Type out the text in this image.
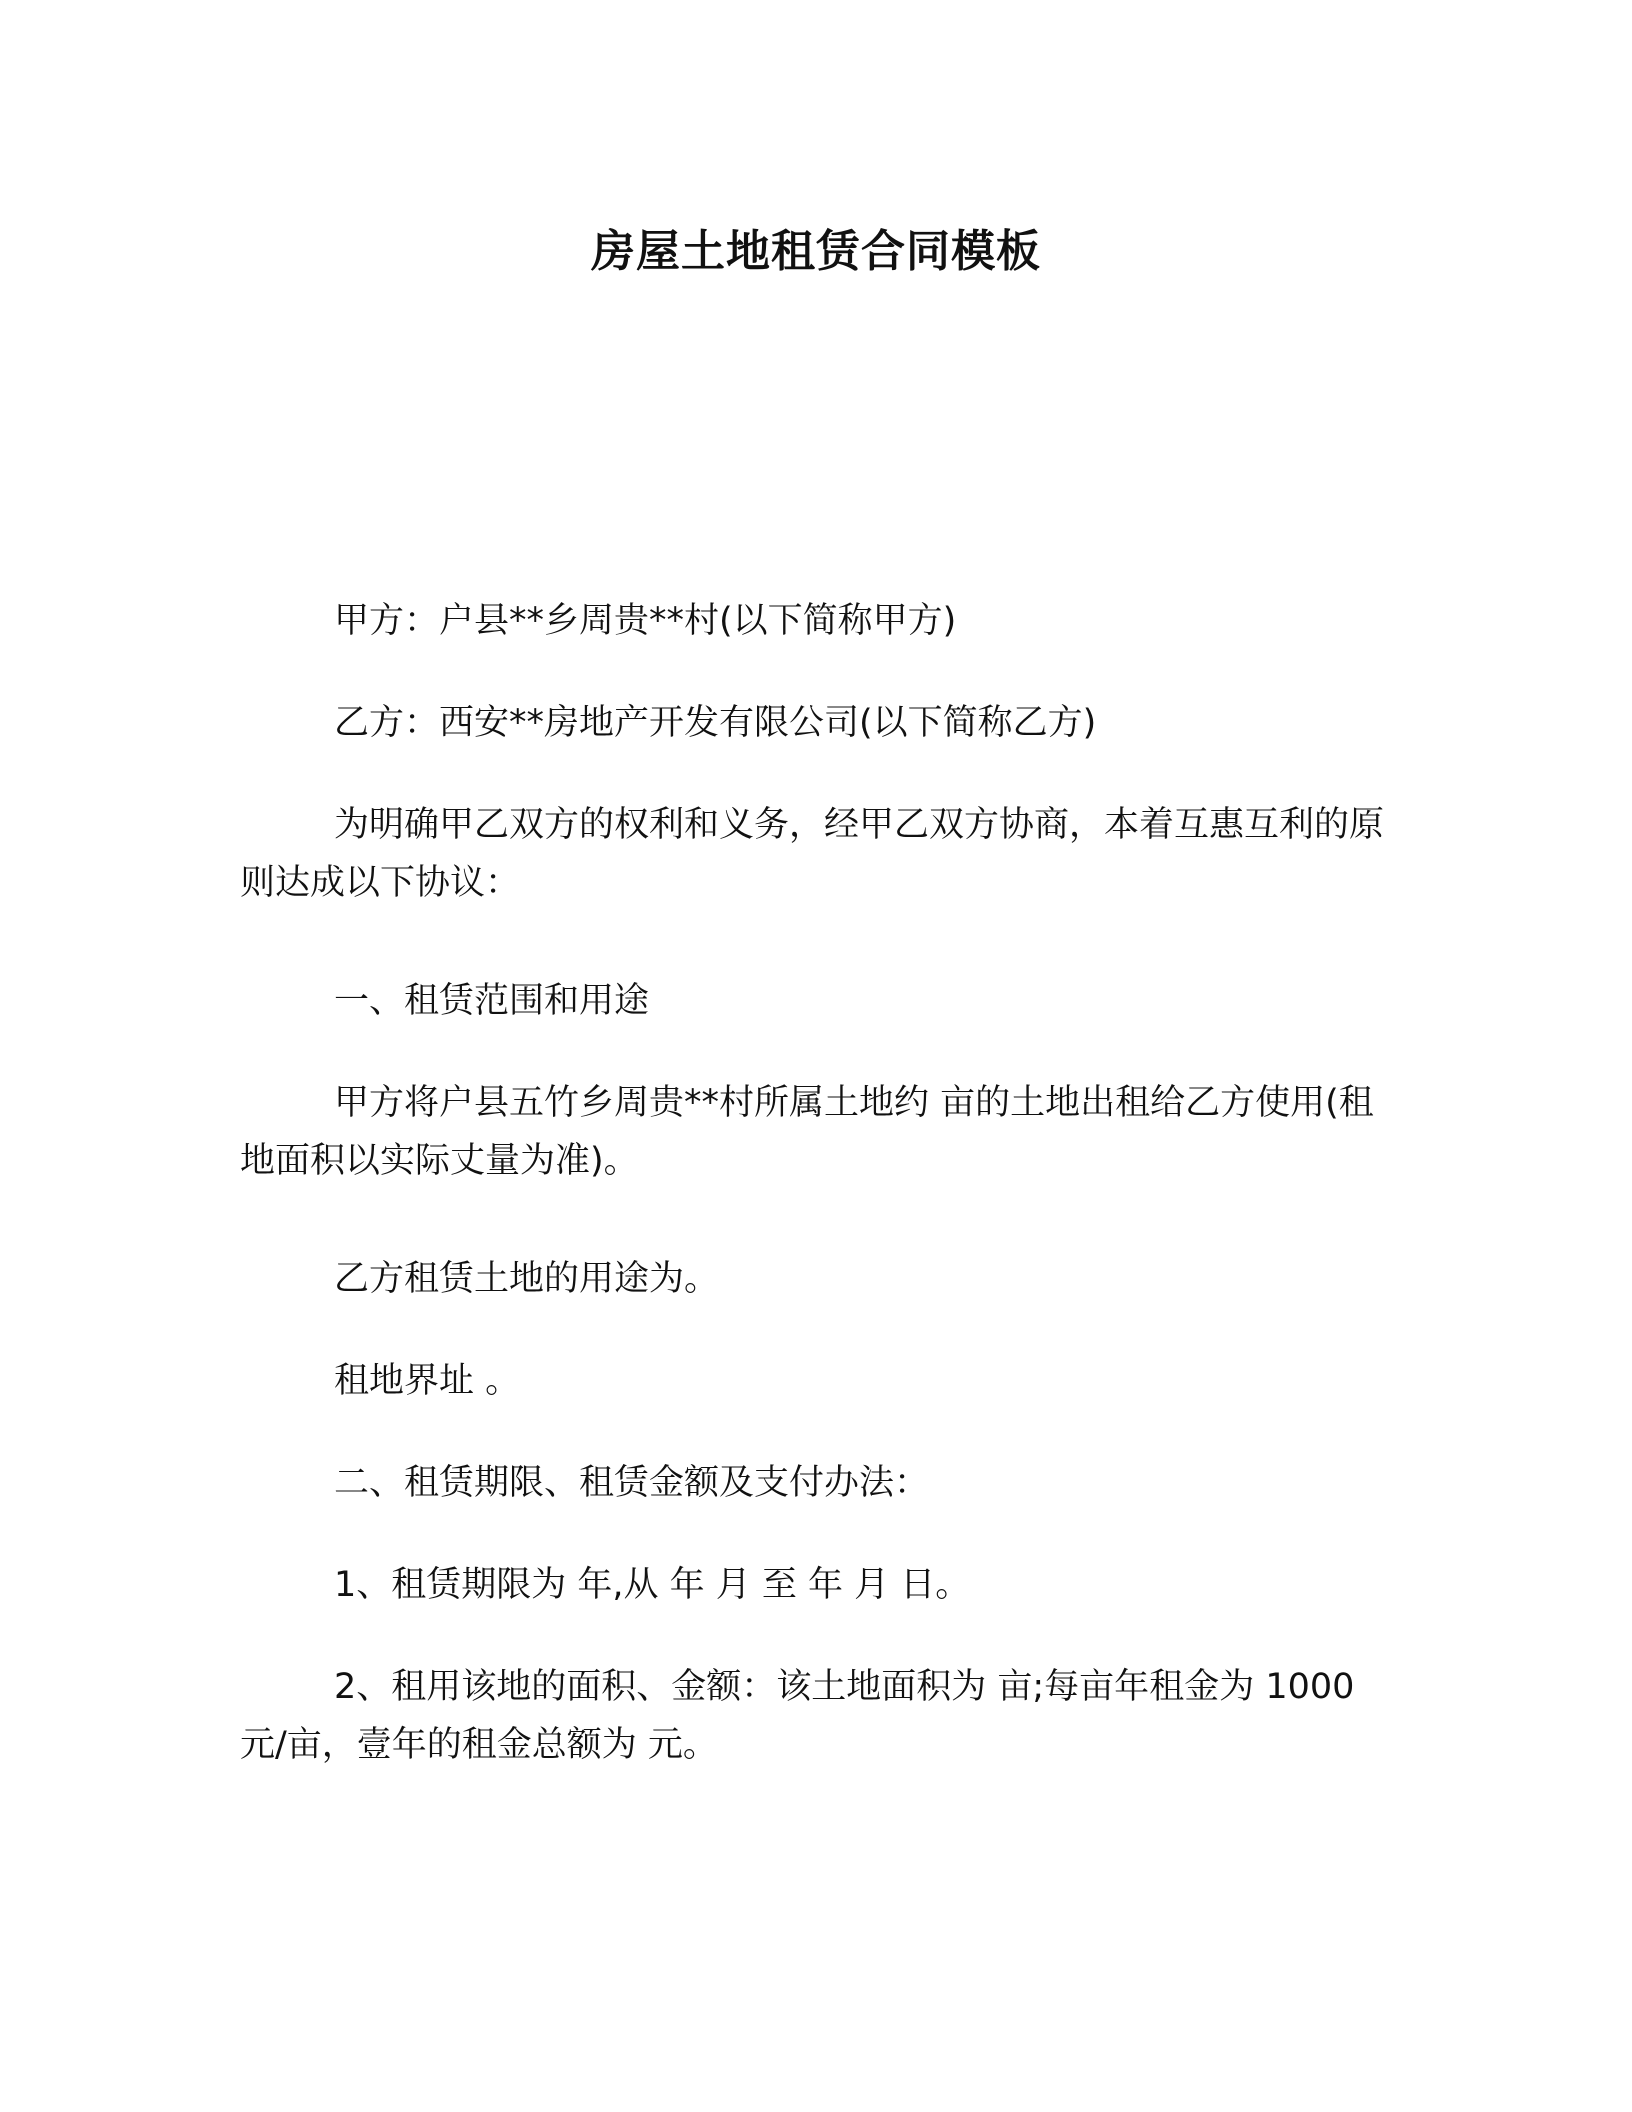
房屋土地租赁合同模板
甲方：户县**乡周贵**村(以下简称甲方)
乙方：西安**房地产开发有限公司(以下简称乙方)
为明确甲乙双方的权利和义务，经甲乙双方协商，本着互惠互利的原则达成以下协议：
一、租赁范围和用途
甲方将户县五竹乡周贵**村所属土地约 亩的土地出租给乙方使用(租地面积以实际丈量为准)。
乙方租赁土地的用途为。
租地界址 。
二、租赁期限、租赁金额及支付办法：
1、租赁期限为 年,从 年 月 至 年 月 日。
2、租用该地的面积、金额：该土地面积为 亩;每亩年租金为 1000 元/亩，壹年的租金总额为 元。
